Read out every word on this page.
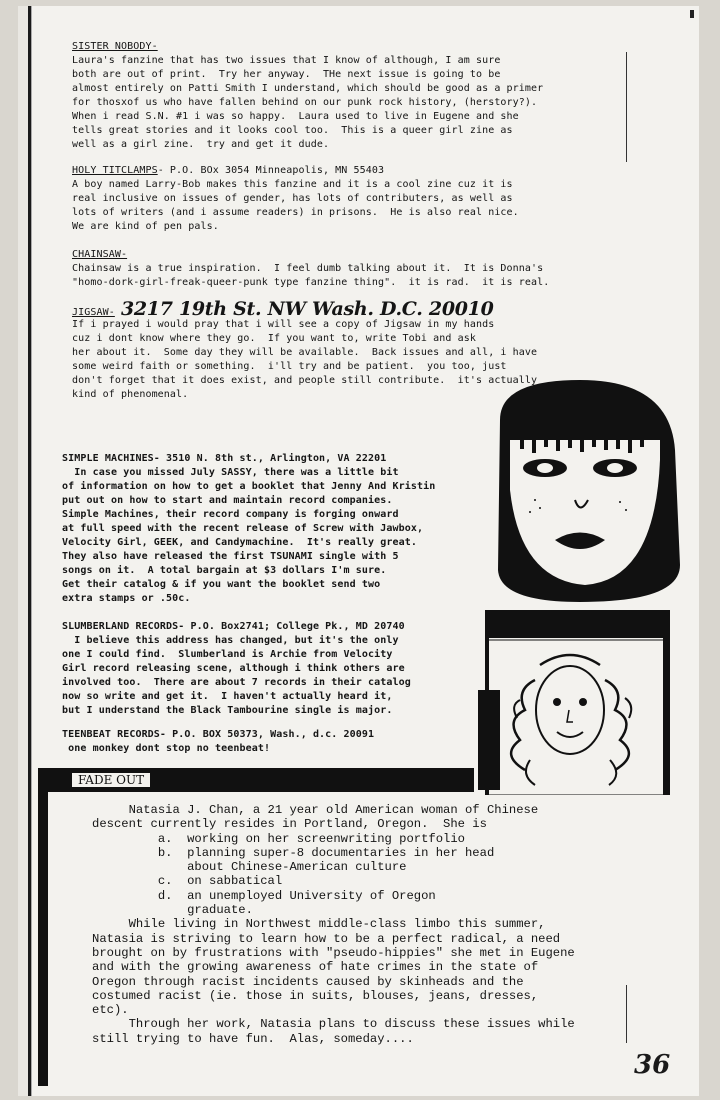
SISTER NOBODY-
Laura's fanzine that has two issues that I know of although, I am sure
both are out of print.  Try her anyway.  THe next issue is going to be
almost entirely on Patti Smith I understand, which should be good as a primer
for thosxof us who have fallen behind on our punk rock history, (herstory?).
When i read S.N. #1 i was so happy.  Laura used to live in Eugene and she
tells great stories and it looks cool too.  This is a queer girl zine as
well as a girl zine.  try and get it dude.
HOLY TITCLAMPS- P.O. BOx 3054 Minneapolis, MN 55403
A boy named Larry-Bob makes this fanzine and it is a cool zine cuz it is
real inclusive on issues of gender, has lots of contributers, as well as
lots of writers (and i assume readers) in prisons.  He is also real nice.
We are kind of pen pals.
CHAINSAW-
Chainsaw is a true inspiration.  I feel dumb talking about it.  It is Donna's
"homo-dork-girl-freak-queer-punk type fanzine thing".  it is rad.  it is real.
JIGSAW- 3217 19th St. NW Wash. D.C. 20010
If i prayed i would pray that i will see a copy of Jigsaw in my hands
cuz i dont know where they go.  If you want to, write Tobi and ask
her about it.  Some day they will be available.  Back issues and all, i have
some weird faith or something.  i'll try and be patient.  you too, just
don't forget that it does exist, and people still contribute.  it's actually
kind of phenomenal.
SIMPLE MACHINES- 3510 N. 8th st., Arlington, VA 22201
In case you missed July SASSY, there was a little bit
of information on how to get a booklet that Jenny And Kristin
put out on how to start and maintain record companies.
Simple Machines, their record company is forging onward
at full speed with the recent release of Screw with Jawbox,
Velocity Girl, GEEK, and Candymachine.  It's really great.
They also have released the first TSUNAMI single with 5
songs on it.  A total bargain at $3 dollars I'm sure.
Get their catalog & if you want the booklet send two
extra stamps or .50c.
SLUMBERLAND RECORDS- P.O. Box2741; College Pk., MD 20740
I believe this address has changed, but it's the only
one I could find.  Slumberland is Archie from Velocity
Girl record releasing scene, although i think others are
involved too.  There are about 7 records in their catalog
now so write and get it.  I haven't actually heard it,
but I understand the Black Tambourine single is major.
TEENBEAT RECORDS- P.O. BOX 50373, Wash., d.c. 20091
one monkey dont stop no teenbeat!
FADE OUT
Natasia J. Chan, a 21 year old American woman of Chinese
descent currently resides in Portland, Oregon.  She is
a.  working on her screenwriting portfolio
b.  planning super-8 documentaries in her head
about Chinese-American culture
c.  on sabbatical
d.  an unemployed University of Oregon
graduate.
While living in Northwest middle-class limbo this summer,
Natasia is striving to learn how to be a perfect radical, a need
brought on by frustrations with "pseudo-hippies" she met in Eugene
and with the growing awareness of hate crimes in the state of
Oregon through racist incidents caused by skinheads and the
costumed racist (ie. those in suits, blouses, jeans, dresses,
etc).
Through her work, Natasia plans to discuss these issues while
still trying to have fun.  Alas, someday....
36
